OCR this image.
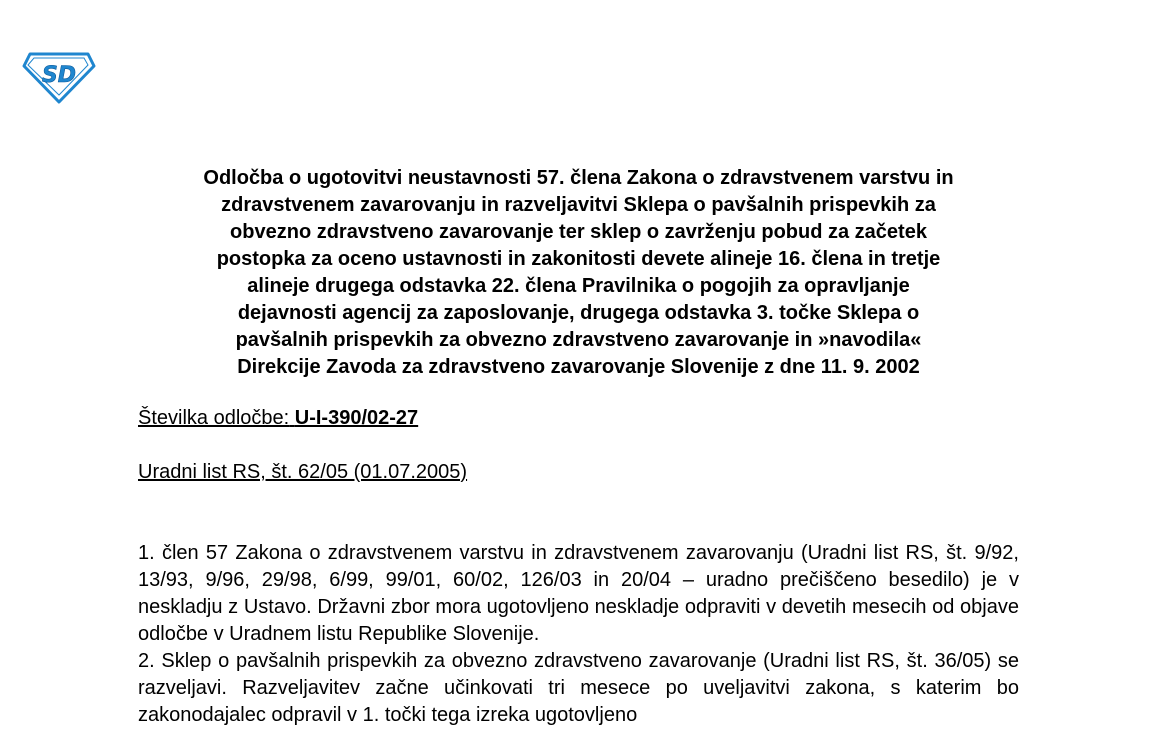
SD
Odločba o ugotovitvi neustavnosti 57. člena Zakona o zdravstvenem varstvu in
zdravstvenem zavarovanju in razveljavitvi Sklepa o pavšalnih prispevkih za
obvezno zdravstveno zavarovanje ter sklep o zavrženju pobud za začetek
postopka za oceno ustavnosti in zakonitosti devete alineje 16. člena in tretje
alineje drugega odstavka 22. člena Pravilnika o pogojih za opravljanje
dejavnosti agencij za zaposlovanje, drugega odstavka 3. točke Sklepa o
pavšalnih prispevkih za obvezno zdravstveno zavarovanje in »navodila«
Direkcije Zavoda za zdravstveno zavarovanje Slovenije z dne 11. 9. 2002
Številka odločbe: U-I-390/02-27
Uradni list RS, št. 62/05 (01.07.2005)

1. člen 57 Zakona o zdravstvenem varstvu in zdravstvenem zavarovanju (Uradni list RS, št. 9/92, 13/93, 9/96, 29/98, 6/99, 99/01, 60/02, 126/03 in 20/04 – uradno prečiščeno besedilo) je v neskladju z Ustavo. Državni zbor mora ugotovljeno neskladje odpraviti v devetih mesecih od objave odločbe v Uradnem listu Republike Slovenije.

2. Sklep o pavšalnih prispevkih za obvezno zdravstveno zavarovanje (Uradni list RS, št. 36/05) se razveljavi. Razveljavitev začne učinkovati tri mesece po uveljavitvi zakona, s katerim bo zakonodajalec odpravil v 1. točki tega izreka ugotovljeno
